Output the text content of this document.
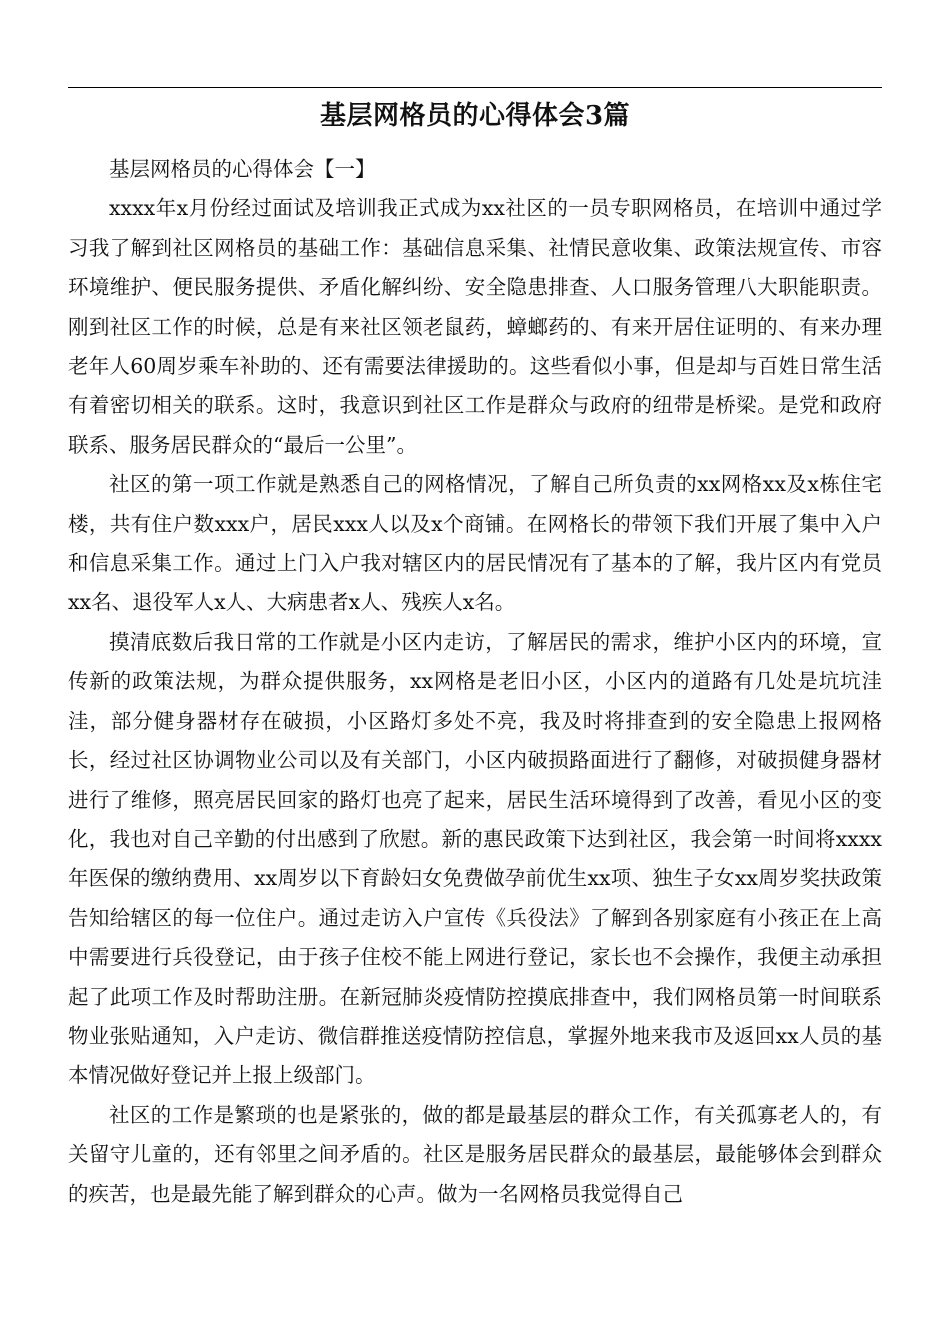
基层网格员的心得体会3篇

基层网格员的心得体会【一】

xxxx年x月份经过面试及培训我正式成为xx社区的一员专职网格员，在培训中通过学习我了解到社区网格员的基础工作：基础信息采集、社情民意收集、政策法规宣传、市容环境维护、便民服务提供、矛盾化解纠纷、安全隐患排查、人口服务管理八大职能职责。刚到社区工作的时候，总是有来社区领老鼠药，蟑螂药的、有来开居住证明的、有来办理老年人60周岁乘车补助的、还有需要法律援助的。这些看似小事，但是却与百姓日常生活有着密切相关的联系。这时，我意识到社区工作是群众与政府的纽带是桥梁。是党和政府联系、服务居民群众的“最后一公里”。

社区的第一项工作就是熟悉自己的网格情况，了解自己所负责的xx网格xx及x栋住宅楼，共有住户数xxx户，居民xxx人以及x个商铺。在网格长的带领下我们开展了集中入户和信息采集工作。通过上门入户我对辖区内的居民情况有了基本的了解，我片区内有党员xx名、退役军人x人、大病患者x人、残疾人x名。

摸清底数后我日常的工作就是小区内走访，了解居民的需求，维护小区内的环境，宣传新的政策法规，为群众提供服务，xx网格是老旧小区，小区内的道路有几处是坑坑洼洼，部分健身器材存在破损，小区路灯多处不亮，我及时将排查到的安全隐患上报网格长，经过社区协调物业公司以及有关部门，小区内破损路面进行了翻修，对破损健身器材进行了维修，照亮居民回家的路灯也亮了起来，居民生活环境得到了改善，看见小区的变化，我也对自己辛勤的付出感到了欣慰。新的惠民政策下达到社区，我会第一时间将xxxx年医保的缴纳费用、xx周岁以下育龄妇女免费做孕前优生xx项、独生子女xx周岁奖扶政策告知给辖区的每一位住户。通过走访入户宣传《兵役法》了解到各别家庭有小孩正在上高中需要进行兵役登记，由于孩子住校不能上网进行登记，家长也不会操作，我便主动承担起了此项工作及时帮助注册。在新冠肺炎疫情防控摸底排查中，我们网格员第一时间联系物业张贴通知，入户走访、微信群推送疫情防控信息，掌握外地来我市及返回xx人员的基本情况做好登记并上报上级部门。

社区的工作是繁琐的也是紧张的，做的都是最基层的群众工作，有关孤寡老人的，有关留守儿童的，还有邻里之间矛盾的。社区是服务居民群众的最基层，最能够体会到群众的疾苦，也是最先能了解到群众的心声。做为一名网格员我觉得自己
